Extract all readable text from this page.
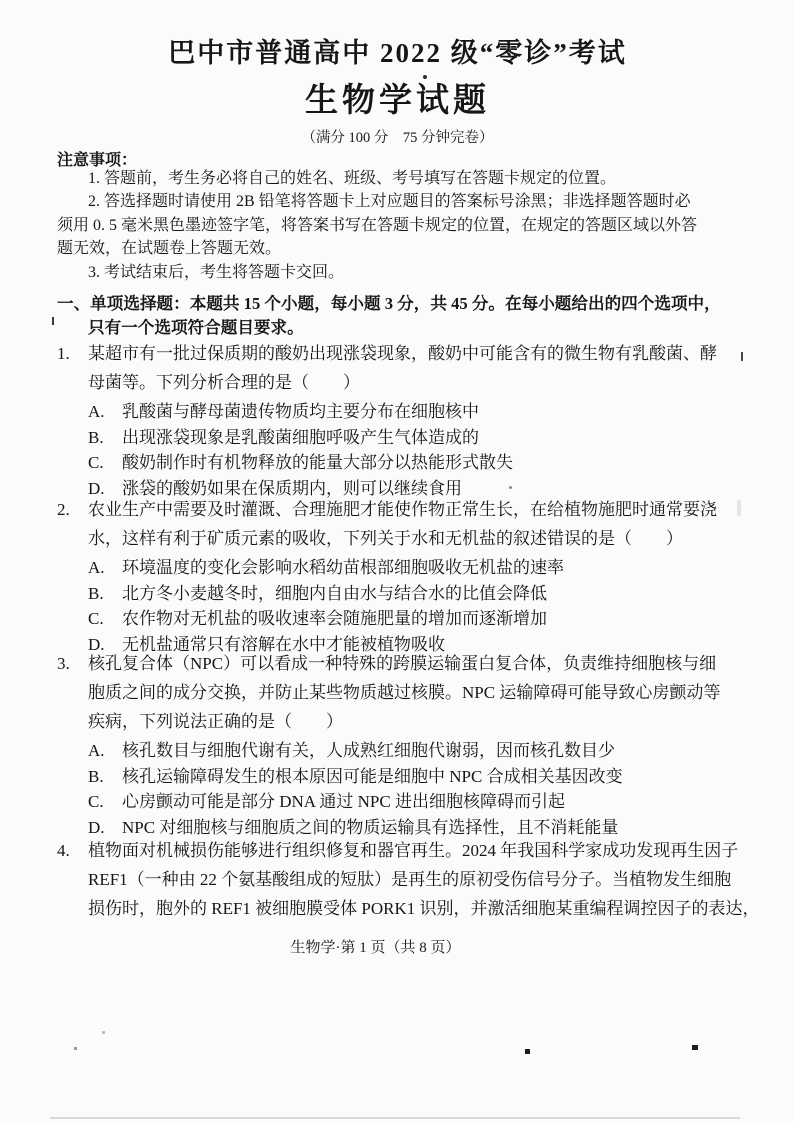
巴中市普通高中 2022 级“零诊”考试
生物学试题
（满分 100 分　75 分钟完卷）
注意事项：
1. 答题前，考生务必将自己的姓名、班级、考号填写在答题卡规定的位置。
2. 答选择题时请使用 2B 铅笔将答题卡上对应题目的答案标号涂黑；非选择题答题时必
须用 0. 5 毫米黑色墨迹签字笔，将答案书写在答题卡规定的位置，在规定的答题区域以外答
题无效，在试题卷上答题无效。
3. 考试结束后，考生将答题卡交回。
一、单项选择题：本题共 15 个小题，每小题 3 分，共 45 分。在每小题给出的四个选项中，
只有一个选项符合题目要求。
1. 某超市有一批过保质期的酸奶出现涨袋现象，酸奶中可能含有的微生物有乳酸菌、酵
母菌等。下列分析合理的是（　　）
A. 乳酸菌与酵母菌遗传物质均主要分布在细胞核中
B. 出现涨袋现象是乳酸菌细胞呼吸产生气体造成的
C. 酸奶制作时有机物释放的能量大部分以热能形式散失
D. 涨袋的酸奶如果在保质期内，则可以继续食用
2. 农业生产中需要及时灌溉、合理施肥才能使作物正常生长，在给植物施肥时通常要浇
水，这样有利于矿质元素的吸收，下列关于水和无机盐的叙述错误的是（　　）
A. 环境温度的变化会影响水稻幼苗根部细胞吸收无机盐的速率
B. 北方冬小麦越冬时，细胞内自由水与结合水的比值会降低
C. 农作物对无机盐的吸收速率会随施肥量的增加而逐渐增加
D. 无机盐通常只有溶解在水中才能被植物吸收
3. 核孔复合体（NPC）可以看成一种特殊的跨膜运输蛋白复合体，负责维持细胞核与细
胞质之间的成分交换，并防止某些物质越过核膜。NPC 运输障碍可能导致心房颤动等
疾病，下列说法正确的是（　　）
A. 核孔数目与细胞代谢有关，人成熟红细胞代谢弱，因而核孔数目少
B. 核孔运输障碍发生的根本原因可能是细胞中 NPC 合成相关基因改变
C. 心房颤动可能是部分 DNA 通过 NPC 进出细胞核障碍而引起
D. NPC 对细胞核与细胞质之间的物质运输具有选择性，且不消耗能量
4. 植物面对机械损伤能够进行组织修复和器官再生。2024 年我国科学家成功发现再生因子
REF1（一种由 22 个氨基酸组成的短肽）是再生的原初受伤信号分子。当植物发生细胞
损伤时，胞外的 REF1 被细胞膜受体 PORK1 识别，并激活细胞某重编程调控因子的表达，
生物学·第 1 页（共 8 页）
